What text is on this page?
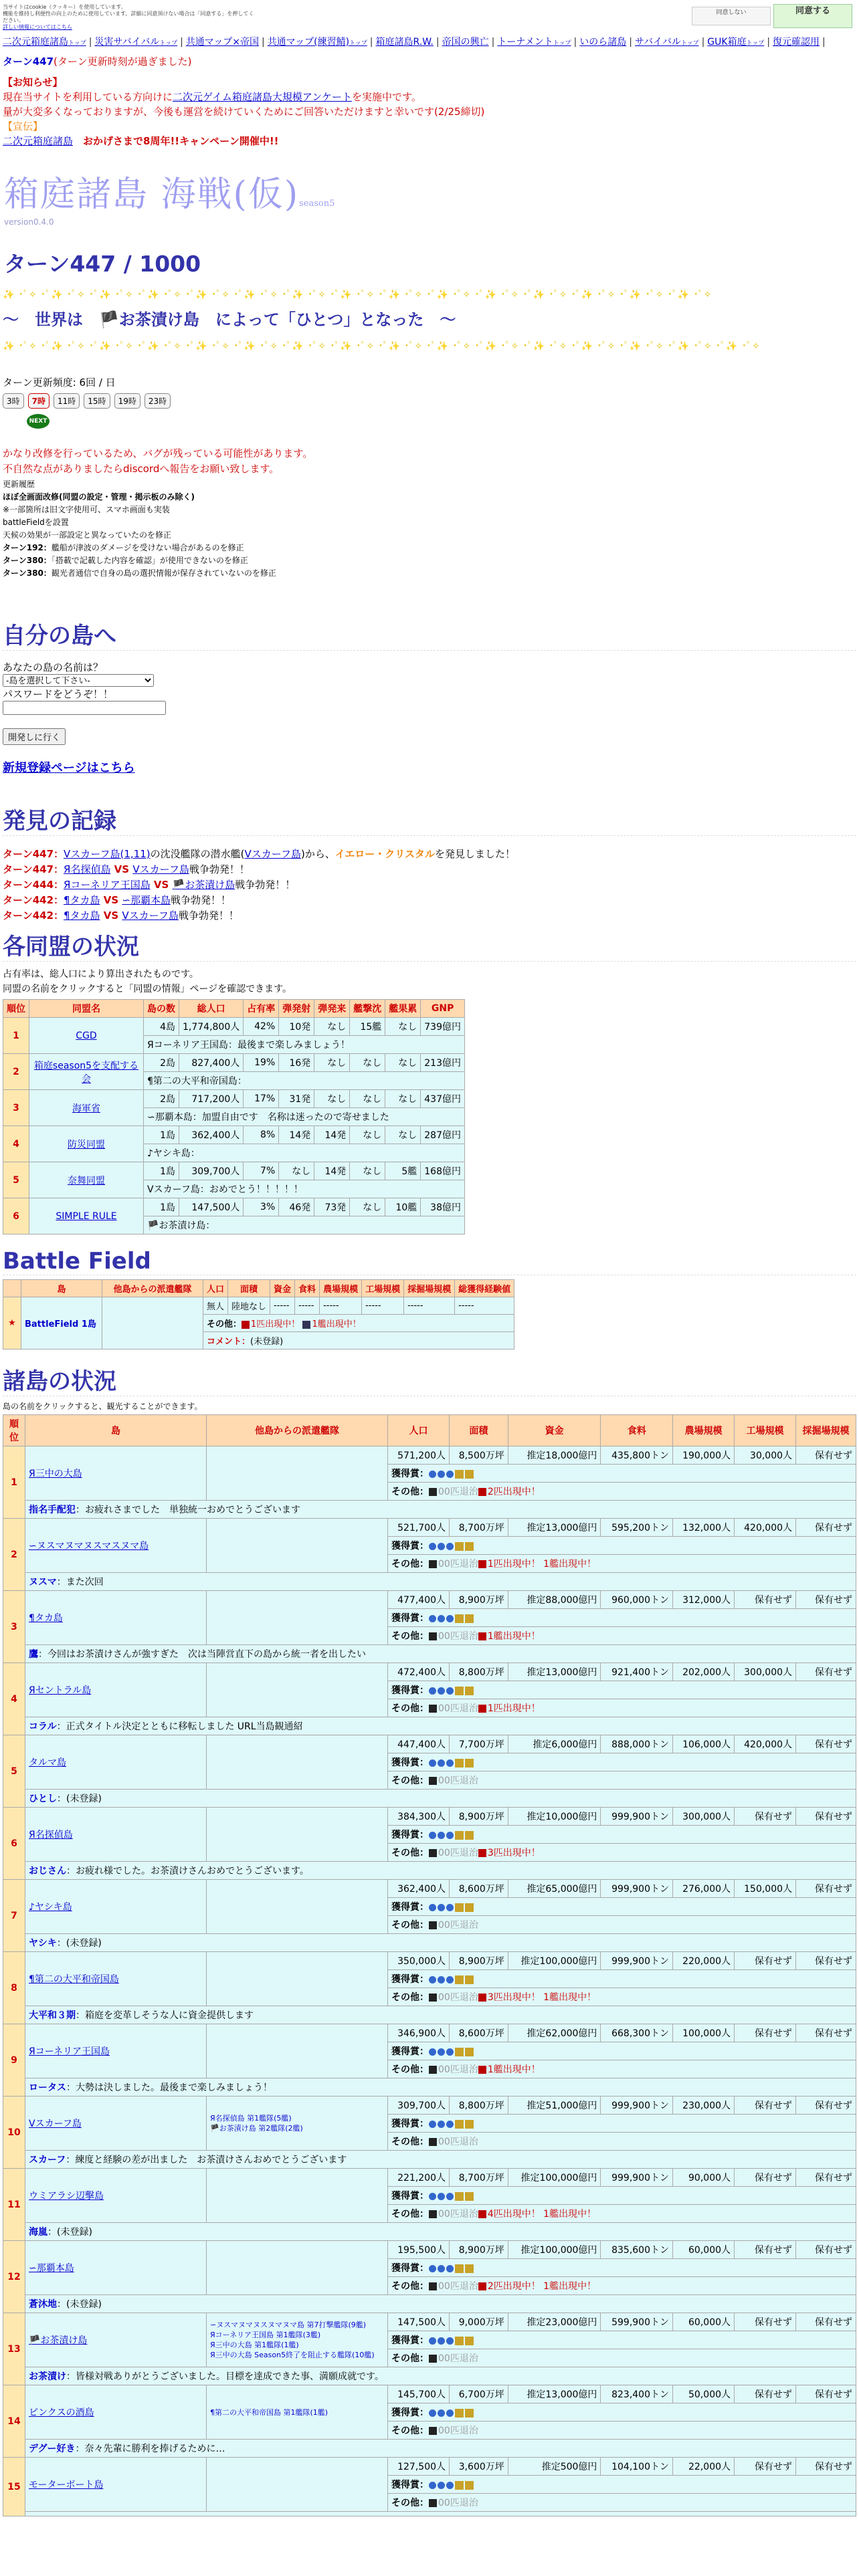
当サイトはcookie（クッキー）を使用しています。
機能を維持し利便性の向上のために使用しています。詳細に同意頂けない場合は「同意する」を押してください。
詳しい情報についてはこちら
同意しない	同意する
二次元箱庭諸島トップ | 災害サバイバルトップ | 共通マップ×帝国 | 共通マップ(練習鯖)トップ | 箱庭諸島R.W. | 帝国の興亡 | トーナメントトップ | いのら諸島 | サバイバルトップ | GUK箱庭トップ | 復元確認用 |
ターン447(ターン更新時刻が過ぎました)
【お知らせ】
現在当サイトを利用している方向けに二次元ゲイム箱庭諸島大規模アンケートを実施中です。
量が大変多くなっておりますが、今後も運営を続けていくためにご回答いただけますと幸いです(2/25締切)
【宣伝】
二次元箱庭諸島　おかげさまで8周年!!キャンペーン開催中!!
箱庭諸島 海戦(仮)season5
version0.4.0
ターン447 / 1000
✨ ･ﾟ✧ ･ﾟ✨ ･ﾟ✧ ･ﾟ✨ ･ﾟ✧ ･ﾟ✨ ･ﾟ✧ ･ﾟ✨ ･ﾟ✧ ･ﾟ✨ ･ﾟ✧ ･ﾟ✨ ･ﾟ✧ ･ﾟ✨ ･ﾟ✧ ･ﾟ✨ ･ﾟ✧ ･ﾟ✨ ･ﾟ✧ ･ﾟ✨ ･ﾟ✧ ･ﾟ✨ ･ﾟ✧ ･ﾟ✨ ･ﾟ✧ ･ﾟ✨ ･ﾟ✧ ･ﾟ✨ ･ﾟ✧
〜　世界は　🏴お茶漬け島　によって「ひとつ」となった　〜
✨ ･ﾟ✧ ･ﾟ✨ ･ﾟ✧ ･ﾟ✨ ･ﾟ✧ ･ﾟ✨ ･ﾟ✧ ･ﾟ✨ ･ﾟ✧ ･ﾟ✨ ･ﾟ✧ ･ﾟ✨ ･ﾟ✧ ･ﾟ✨ ･ﾟ✧ ･ﾟ✨ ･ﾟ✧ ･ﾟ✨ ･ﾟ✧ ･ﾟ✨ ･ﾟ✧ ･ﾟ✨ ･ﾟ✧ ･ﾟ✨ ･ﾟ✧ ･ﾟ✨ ･ﾟ✧ ･ﾟ✨ ･ﾟ✧ ･ﾟ✨ ･ﾟ✧
ターン更新頻度: 6回 / 日
3時	7時	11時	15時	19時	23時
NEXT
かなり改修を行っているため、バグが残っている可能性があります。
不自然な点がありましたらdiscordへ報告をお願い致します。
更新履歴
ほぼ全画面改修(同盟の設定・管理・掲示板のみ除く)
※一部箇所は旧文字使用可、スマホ画面も実装
battleFieldを設置
天候の効果が一部設定と異なっていたのを修正
ターン192：艦船が津波のダメージを受けない場合があるのを修正
ターン380：「搭載で記載した内容を確認」が使用できないのを修正
ターン380：観光者通信で自身の島の選択情報が保存されていないのを修正
自分の島へ
あなたの島の名前は？
-島を選択して下さい-
パスワードをどうぞ！！
開発しに行く
新規登録ページはこちら
発見の記録
ターン447：Vスカーフ島(1,11)の沈没艦隊の潜水艦(Vスカーフ島)から、イエロー・クリスタルを発見しました！
ターン447：Я名探偵島 VS Vスカーフ島戦争勃発！！
ターン444：Яコーネリア王国島 VS 🏴お茶漬け島戦争勃発！！
ターン442：¶タカ島 VS ∽那覇本島戦争勃発！！
ターン442：¶タカ島 VS Vスカーフ島戦争勃発！！
各同盟の状況
占有率は、総人口により算出されたものです。
同盟の名前をクリックすると「同盟の情報」ページを確認できます。
順位	同盟名	島の数	総人口	占有率	弾発射	弾発来	艦撃沈	艦果累	GNP
1	CGD	4島	1,774,800人	42%	10発	なし	15艦	なし	739億円
		Яコーネリア王国島：最後まで楽しみましょう！							
2	箱庭season5を支配する会	2島	827,400人	19%	16発	なし	なし	なし	213億円
		¶第二の大平和帝国島：							
3	海軍省	2島	717,200人	17%	31発	なし	なし	なし	437億円
		∽那覇本島：加盟自由です　名称は迷ったので寄せました							
4	防災同盟	1島	362,400人	8%	14発	14発	なし	なし	287億円
		♪ヤシキ島：							
5	奈舞同盟	1島	309,700人	7%	なし	14発	なし	5艦	168億円
		Vスカーフ島：おめでとう！！！！！							
6	SIMPLE RULE	1島	147,500人	3%	46発	73発	なし	10艦	38億円
		🏴お茶漬け島：							
Battle Field
	島	他島からの派遣艦隊	人口	面積	資金	食料	農場規模	工場規模	採掘場規模	総獲得経験値
★	BattleField 1島		無人	陸地なし	-----	-----	-----	-----	-----	-----
			その他： 1匹出現中！ 1艦出現中！							
			コメント：(未登録)							
諸島の状況
島の名前をクリックすると、観光することができます。
順位	島	他島からの派遣艦隊	人口	面積	資金	食料	農場規模	工場規模	採掘場規模
1	Я三中の大島		571,200人	8,500万坪	推定18,000億円	435,800トン	190,000人	30,000人	保有せず
			獲得賞：						
			その他： 00匹退治 2匹出現中！						
	指名手配犯：お疲れさまでした　単独統一おめでとうございます								
2	∽ヌスマヌマヌスマスヌマ島		521,700人	8,700万坪	推定13,000億円	595,200トン	132,000人	420,000人	保有せず
			獲得賞：						
			その他： 00匹退治 1匹出現中！ 1艦出現中！						
	ヌスマ：また次回								
3	¶タカ島		477,400人	8,900万坪	推定88,000億円	960,000トン	312,000人	保有せず	保有せず
			獲得賞：						
			その他： 00匹退治 1艦出現中！						
	鷹：今回はお茶漬けさんが強すぎた　次は当陣営直下の島から統一者を出したい								
4	Яセントラル島		472,400人	8,800万坪	推定13,000億円	921,400トン	202,000人	300,000人	保有せず
			獲得賞：						
			その他： 00匹退治 1匹出現中！						
	コラル：正式タイトル決定とともに移転しました URL当島観通紹								
5	タルマ島		447,400人	7,700万坪	推定6,000億円	888,000トン	106,000人	420,000人	保有せず
			獲得賞：						
			その他： 00匹退治						
	ひとし：(未登録)								
6	Я名探偵島		384,300人	8,900万坪	推定10,000億円	999,900トン	300,000人	保有せず	保有せず
			獲得賞：						
			その他： 00匹退治 3匹出現中！						
	おじさん：お疲れ様でした。お茶漬けさんおめでとうございます。								
7	♪ヤシキ島		362,400人	8,600万坪	推定65,000億円	999,900トン	276,000人	150,000人	保有せず
			獲得賞：						
			その他： 00匹退治						
	ヤシキ：(未登録)								
8	¶第二の大平和帝国島		350,000人	8,900万坪	推定100,000億円	999,900トン	220,000人	保有せず	保有せず
			獲得賞：						
			その他： 00匹退治 3匹出現中！ 1艦出現中！						
	大平和３期：箱庭を変革しそうな人に資金提供します								
9	Яコーネリア王国島		346,900人	8,600万坪	推定62,000億円	668,300トン	100,000人	保有せず	保有せず
			獲得賞：						
			その他： 00匹退治 1艦出現中！						
	ロータス：大勢は決しました。最後まで楽しみましょう！								
10	Vスカーフ島	Я名探偵島 第1艦隊(5艦)
🏴お茶漬け島 第2艦隊(2艦)	309,700人	8,800万坪	推定51,000億円	999,900トン	230,000人	保有せず	保有せず
			獲得賞：						
			その他： 00匹退治						
	スカーフ：練度と経験の差が出ました　お茶漬けさんおめでとうございます								
11	ウミアラシ辺擊島		221,200人	8,700万坪	推定100,000億円	999,900トン	90,000人	保有せず	保有せず
			獲得賞：						
			その他： 00匹退治 4匹出現中！ 1艦出現中！						
	海嵐：(未登録)								
12	∽那覇本島		195,500人	8,900万坪	推定100,000億円	835,600トン	60,000人	保有せず	保有せず
			獲得賞：						
			その他： 00匹退治 2匹出現中！ 1艦出現中！						
	蒼沐地：(未登録)								
13	🏴お茶漬け島	∽ヌスマヌマヌスヌマヌマ島 第7打撃艦隊(9艦)
Яコーネリア王国島 第1艦隊(3艦)
Я三中の大島 第1艦隊(1艦)
Я三中の大島 Season5終了を阻止する艦隊(10艦)	147,500人	9,000万坪	推定23,000億円	599,900トン	60,000人	保有せず	保有せず
			獲得賞：						
			その他： 00匹退治						
	お茶漬け：皆様対戦ありがとうございました。目標を達成できた事、満願成就です。								
14	ピンクスの酒島	¶第二の大平和帝国島 第1艦隊(1艦)	145,700人	6,700万坪	推定13,000億円	823,400トン	50,000人	保有せず	保有せず
			獲得賞：						
			その他： 00匹退治						
	デグー好き：奈々先輩に勝利を捧げるために…								
15	モーターボート島		127,500人	3,600万坪	推定500億円	104,100トン	22,000人	保有せず	保有せず
			獲得賞：						
			その他： 00匹退治						
